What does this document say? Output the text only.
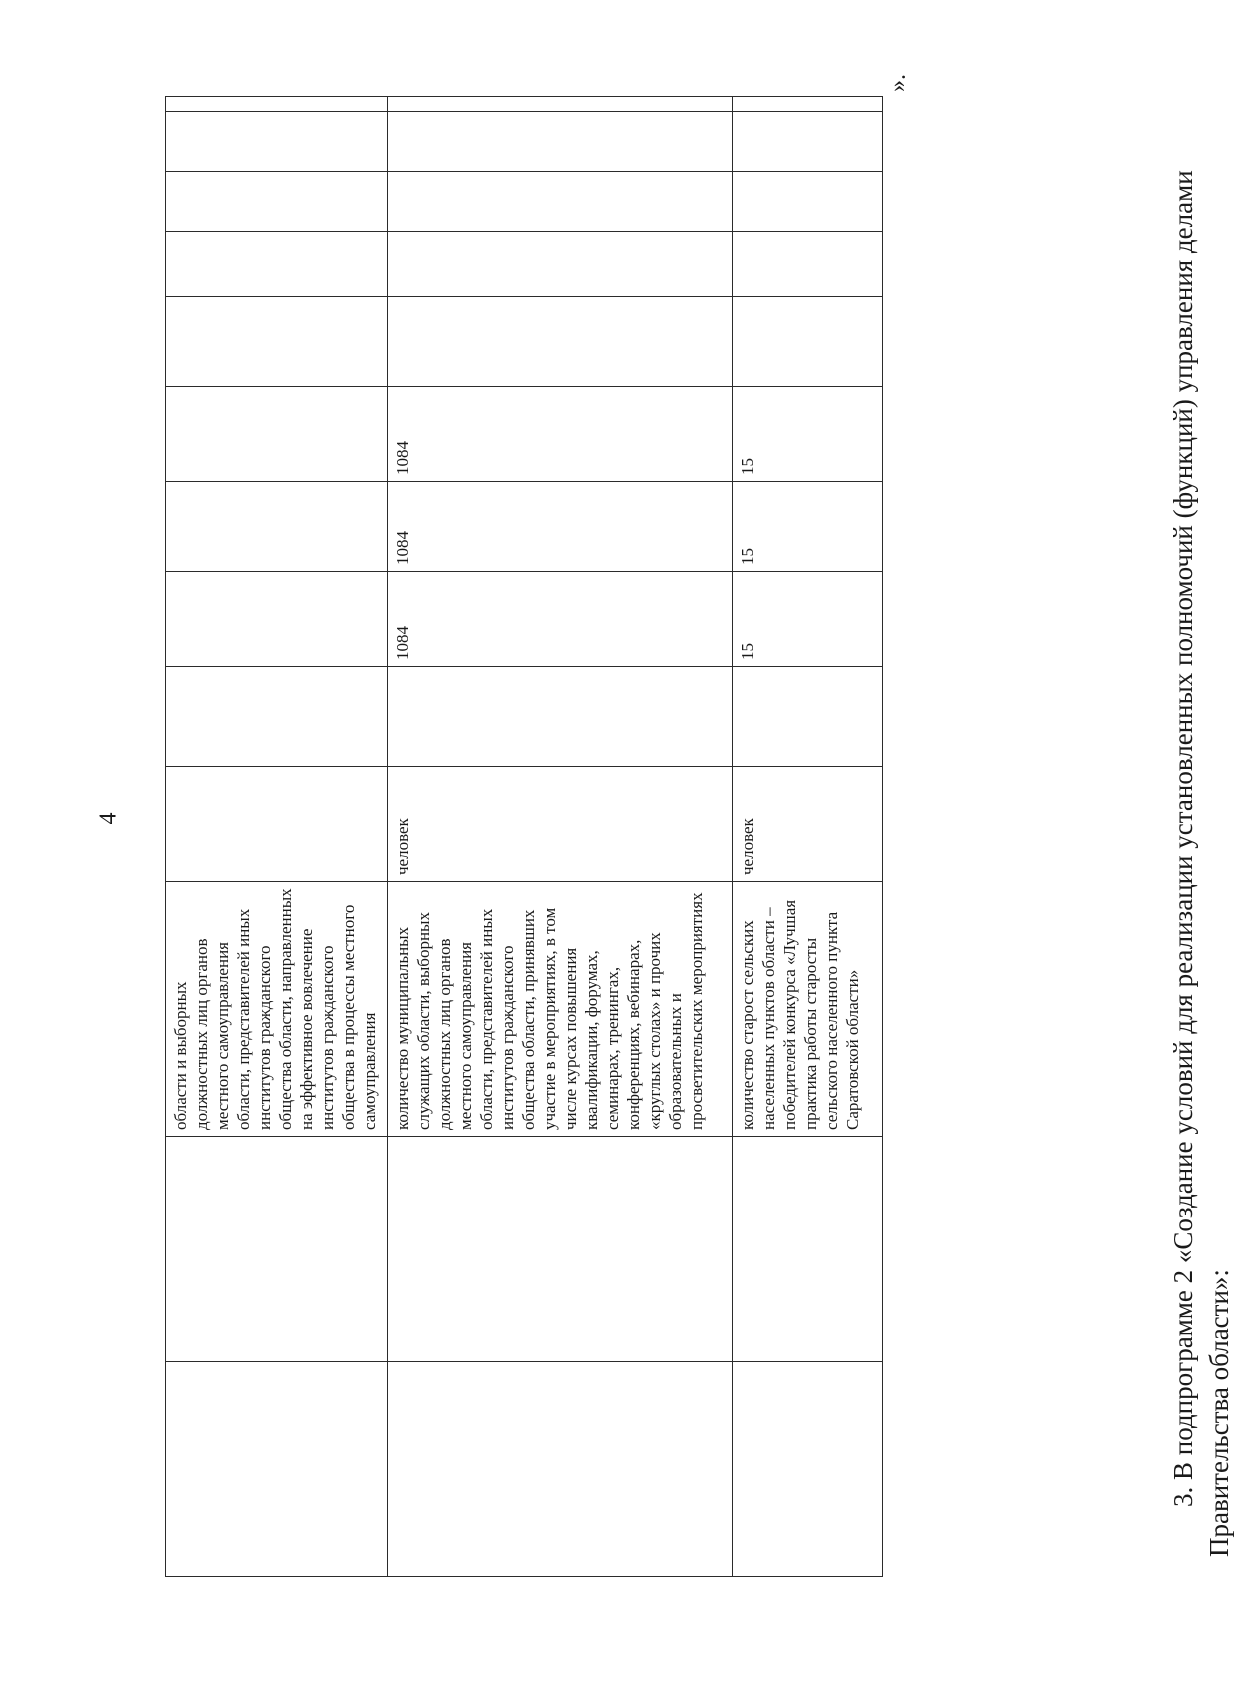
4
		области и выборных должностных лиц органов местного самоуправления области, представителей иных институтов гражданского общества области, направленных на эффективное вовлечение институтов гражданского общества в процессы местного самоуправления										
		количество муниципальных служащих области, выборных должностных лиц органов местного самоуправления области, представителей иных институтов гражданского общества области, принявших участие в мероприятиях, в том числе курсах повышения квалификации, форумах, семинарах, тренингах, конференциях, вебинарах, «круглых столах» и прочих образовательных и просветительских мероприятиях	человек		1084	1084	1084					
		количество старост сельских населенных пунктов области – победителей конкурса «Лучшая практика работы старосты сельского населенного пункта Саратовской области»	человек		15	15	15					
».
3. В подпрограмме 2 «Создание условий для реализации установленных полномочий (функций) управления делами Правительства области»:
